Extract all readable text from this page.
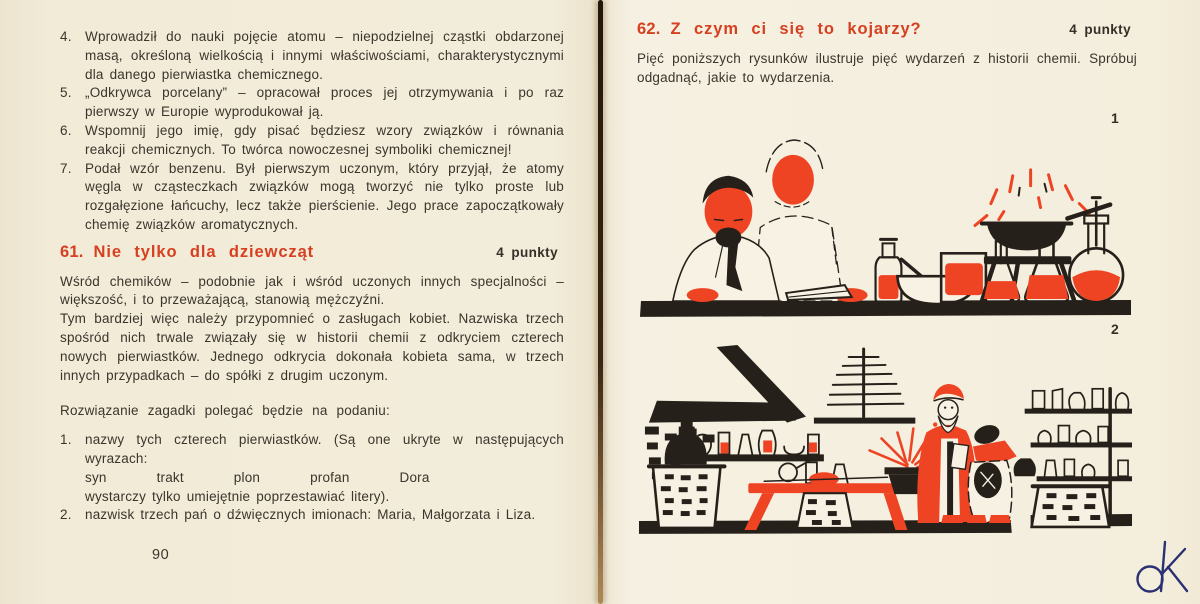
4. Wprowadził do nauki pojęcie atomu – niepodzielnej cząstki obdarzonej masą, określoną wielkością i innymi właściwościami, charakterystycznymi dla danego pierwiastka chemicznego.
5. „Odkrywca porcelany” – opracował proces jej otrzymywania i po raz pierwszy w Europie wyprodukował ją.
6. Wspomnij jego imię, gdy pisać będziesz wzory związków i równania reakcji chemicznych. To twórca nowoczesnej symboliki chemicznej!
7. Podał wzór benzenu. Był pierwszym uczonym, który przyjął, że atomy węgla w cząsteczkach związków mogą tworzyć nie tylko proste lub rozgałęzione łańcuchy, lecz także pierścienie. Jego prace zapoczątkowały chemię związków aromatycznych.
61. Nie tylko dla dziewcząt	4 punkty

Wśród chemików – podobnie jak i wśród uczonych innych specjalności – większość, i to przeważającą, stanowią mężczyźni.

Tym bardziej więc należy przypomnieć o zasługach kobiet. Nazwiska trzech spośród nich trwale związały się w historii chemii z odkryciem czterech nowych pierwiastków. Jednego odkrycia dokonała kobieta sama, w trzech innych przypadkach – do spółki z drugim uczonym.

Rozwiązanie zagadki polegać będzie na podaniu:

1. nazwy tych czterech pierwiastków. (Są one ukryte w następujących wyrazach:
syn	trakt	plon	profan	Dora
wystarczy tylko umiejętnie poprzestawiać litery).
2. nazwisk trzech pań o dźwięcznych imionach: Maria, Małgorzata i Liza.
90
62. Z czym ci się to kojarzy?	4 punkty

Pięć poniższych rysunków ilustruje pięć wydarzeń z historii chemii. Spróbuj odgadnąć, jakie to wydarzenia.

1
2
